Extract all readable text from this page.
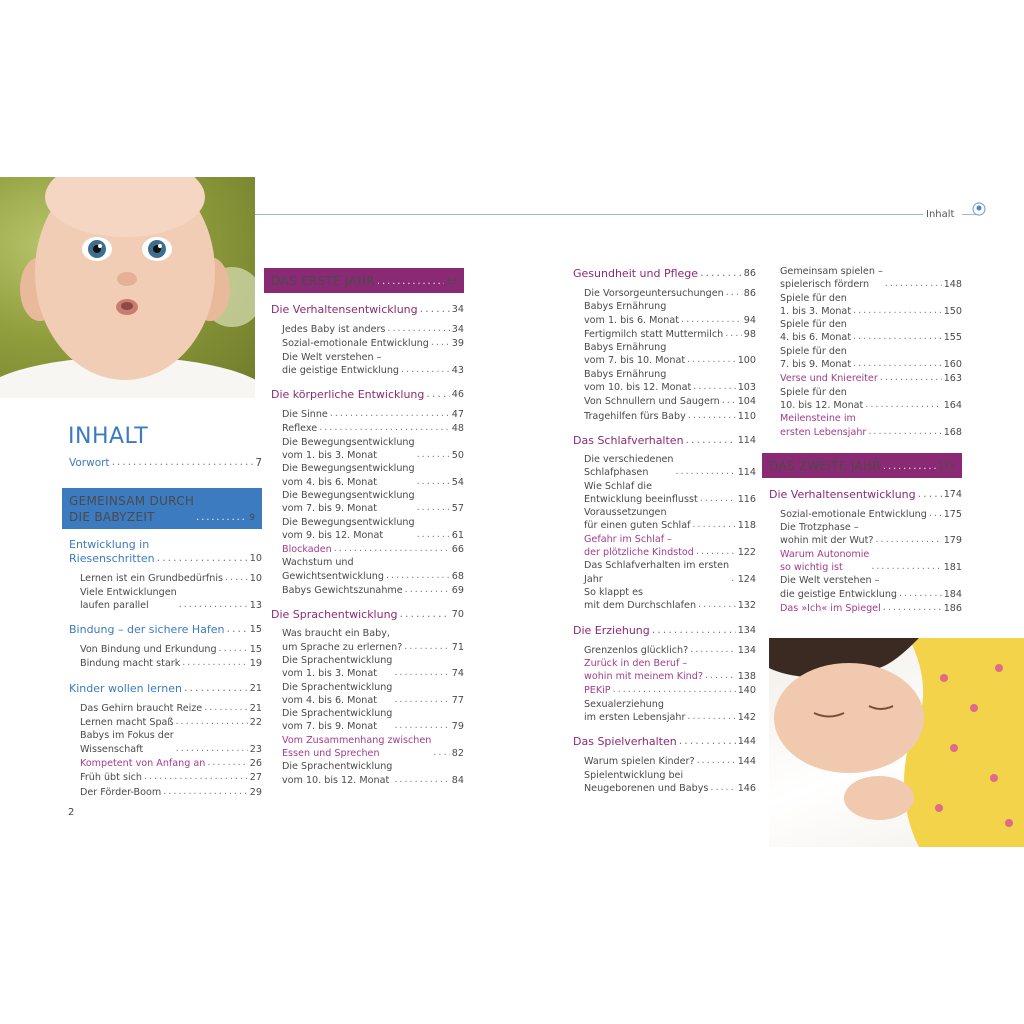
Inhalt
2
INHALT
Vorwort .....	7
GEMEINSAM DURCH
DIE BABYZEIT .....	9
Entwicklung in
Riesenschritten .....	10
Lernen ist ein Grundbedürfnis .....	10
Viele Entwicklungen
laufen parallel .....	13
Bindung – der sichere Hafen .....	15
Von Bindung und Erkundung .....	15
Bindung macht stark .....	19
Kinder wollen lernen .....	21
Das Gehirn braucht Reize .....	21
Lernen macht Spaß .....	22
Babys im Fokus der
Wissenschaft .....	23
Kompetent von Anfang an .....	26
Früh übt sich .....	27
Der Förder-Boom .....	29
DAS ERSTE JAHR .....	33
Die Verhaltensentwicklung .....	34
Jedes Baby ist anders .....	34
Sozial-emotionale Entwicklung ..... 39
Die Welt verstehen –
die geistige Entwicklung .....	43
Die körperliche Entwicklung .....	46
Die Sinne .....	47
Reflexe .....	48
Die Bewegungsentwicklung
vom 1. bis 3. Monat .....	50
Die Bewegungsentwicklung
vom 4. bis 6. Monat .....	54
Die Bewegungsentwicklung
vom 7. bis 9. Monat .....	57
Die Bewegungsentwicklung
vom 9. bis 12. Monat .....	61
Blockaden .....	66
Wachstum und
Gewichtsentwicklung .....	68
Babys Gewichtszunahme .....	69
Die Sprachentwicklung .....	70
Was braucht ein Baby,
um Sprache zu erlernen? .....	71
Die Sprachentwicklung
vom 1. bis 3. Monat .....	74
Die Sprachentwicklung
vom 4. bis 6. Monat .....	77
Die Sprachentwicklung
vom 7. bis 9. Monat .....	79
Vom Zusammenhang zwischen
Essen und Sprechen .....	82
Die Sprachentwicklung
vom 10. bis 12. Monat .....	84
Gesundheit und Pflege .....	86
Die Vorsorgeuntersuchungen ..... 86
Babys Ernährung
vom 1. bis 6. Monat .....	94
Fertigmilch statt Muttermilch ..... 98
Babys Ernährung
vom 7. bis 10. Monat .....	100
Babys Ernährung
vom 10. bis 12. Monat .....	103
Von Schnullern und Saugern ..... 104
Tragehilfen fürs Baby .....	110
Das Schlafverhalten .....	114
Die verschiedenen
Schlafphasen .....	114
Wie Schlaf die
Entwicklung beeinflusst .....	116
Voraussetzungen
für einen guten Schlaf .....	118
Gefahr im Schlaf –
der plötzliche Kindstod .....	122
Das Schlafverhalten im ersten
Jahr .....	124
So klappt es
mit dem Durchschlafen .....	132
Die Erziehung .....	134
Grenzenlos glücklich? .....	134
Zurück in den Beruf –
wohin mit meinem Kind? .....	138
PEKiP .....	140
Sexualerziehung
im ersten Lebensjahr .....	142
Das Spielverhalten .....	144
Warum spielen Kinder? .....	144
Spielentwicklung bei
Neugeborenen und Babys .....	146
Gemeinsam spielen –
spielerisch fördern .....	148
Spiele für den
1. bis 3. Monat .....	150
Spiele für den
4. bis 6. Monat .....	155
Spiele für den
7. bis 9. Monat .....	160
Verse und Kniereiter .....	163
Spiele für den
10. bis 12. Monat .....	164
Meilensteine im
ersten Lebensjahr .....	168
DAS ZWEITE JAHR .....	173
Die Verhaltensentwicklung .....	174
Sozial-emotionale Entwicklung ..... 175
Die Trotzphase –
wohin mit der Wut? .....	179
Warum Autonomie
so wichtig ist .....	181
Die Welt verstehen –
die geistige Entwicklung .....	184
Das »Ich« im Spiegel .....	186
